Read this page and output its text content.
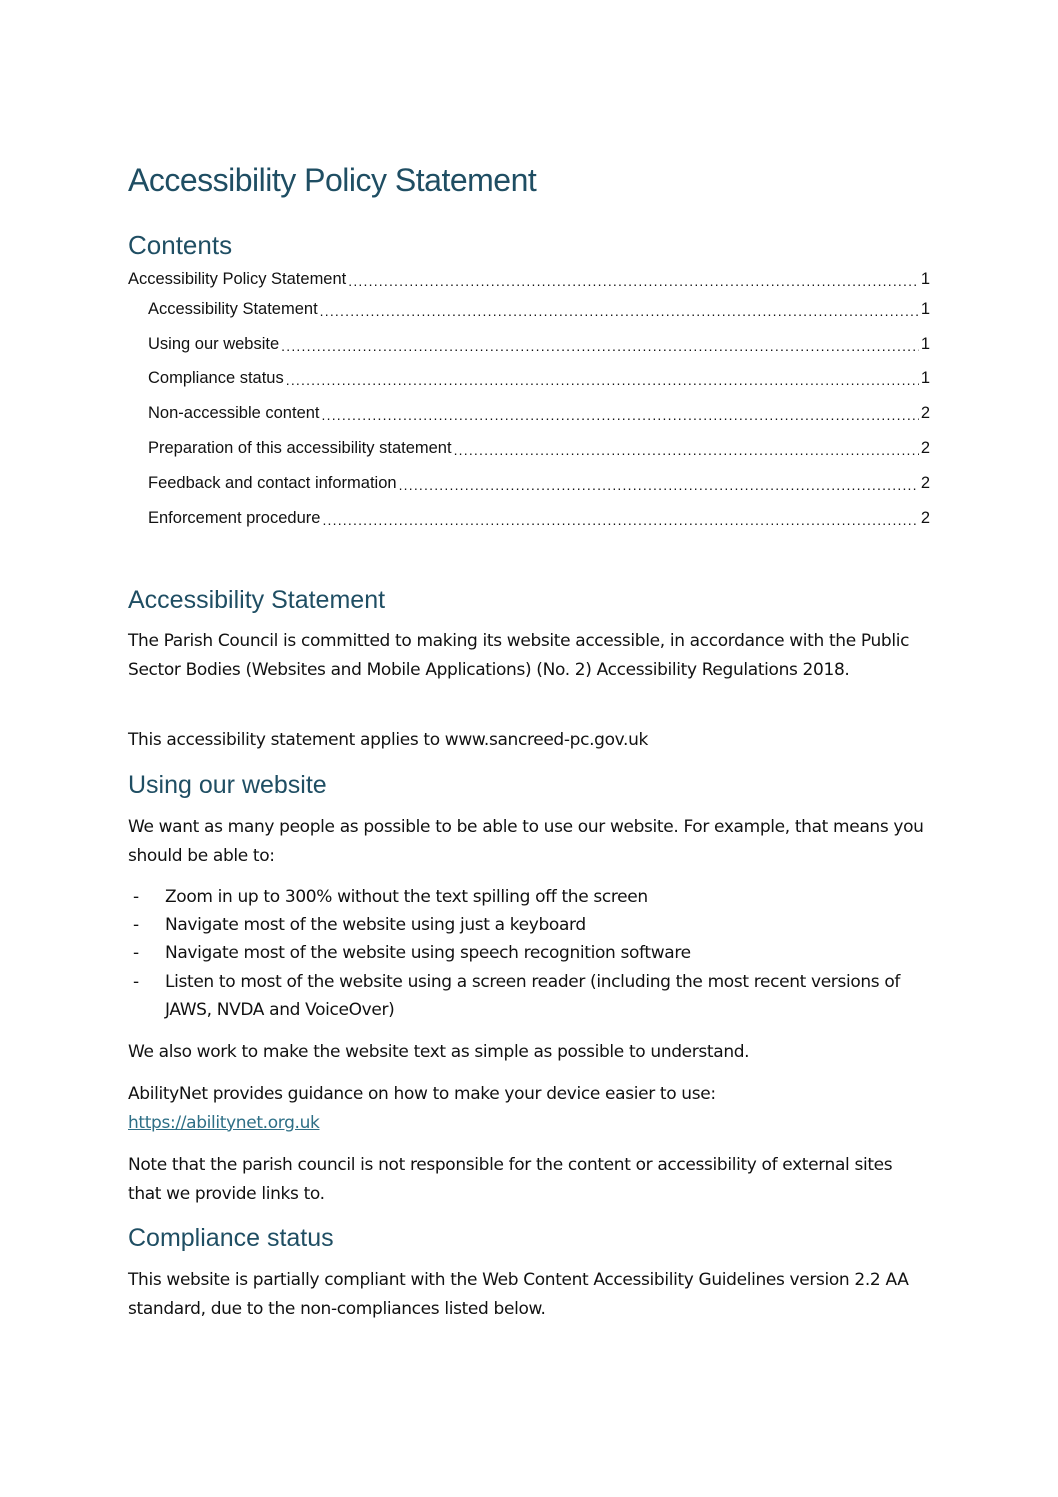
Accessibility Policy Statement
Contents
Accessibility Policy Statement .....	1
Accessibility Statement .....	1
Using our website .....	1
Compliance status .....	1
Non-accessible content .....	2
Preparation of this accessibility statement .....	2
Feedback and contact information .....	2
Enforcement procedure .....	2
Accessibility Statement

The Parish Council is committed to making its website accessible, in accordance with the Public Sector Bodies (Websites and Mobile Applications) (No. 2) Accessibility Regulations 2018.

This accessibility statement applies to www.sancreed-pc.gov.uk

Using our website

We want as many people as possible to be able to use our website. For example, that means you should be able to:

- Zoom in up to 300% without the text spilling off the screen
- Navigate most of the website using just a keyboard
- Navigate most of the website using speech recognition software
- Listen to most of the website using a screen reader (including the most recent versions of JAWS, NVDA and VoiceOver)

We also work to make the website text as simple as possible to understand.

AbilityNet provides guidance on how to make your device easier to use:
https://abilitynet.org.uk

Note that the parish council is not responsible for the content or accessibility of external sites that we provide links to.

Compliance status

This website is partially compliant with the Web Content Accessibility Guidelines version 2.2 AA standard, due to the non-compliances listed below.
